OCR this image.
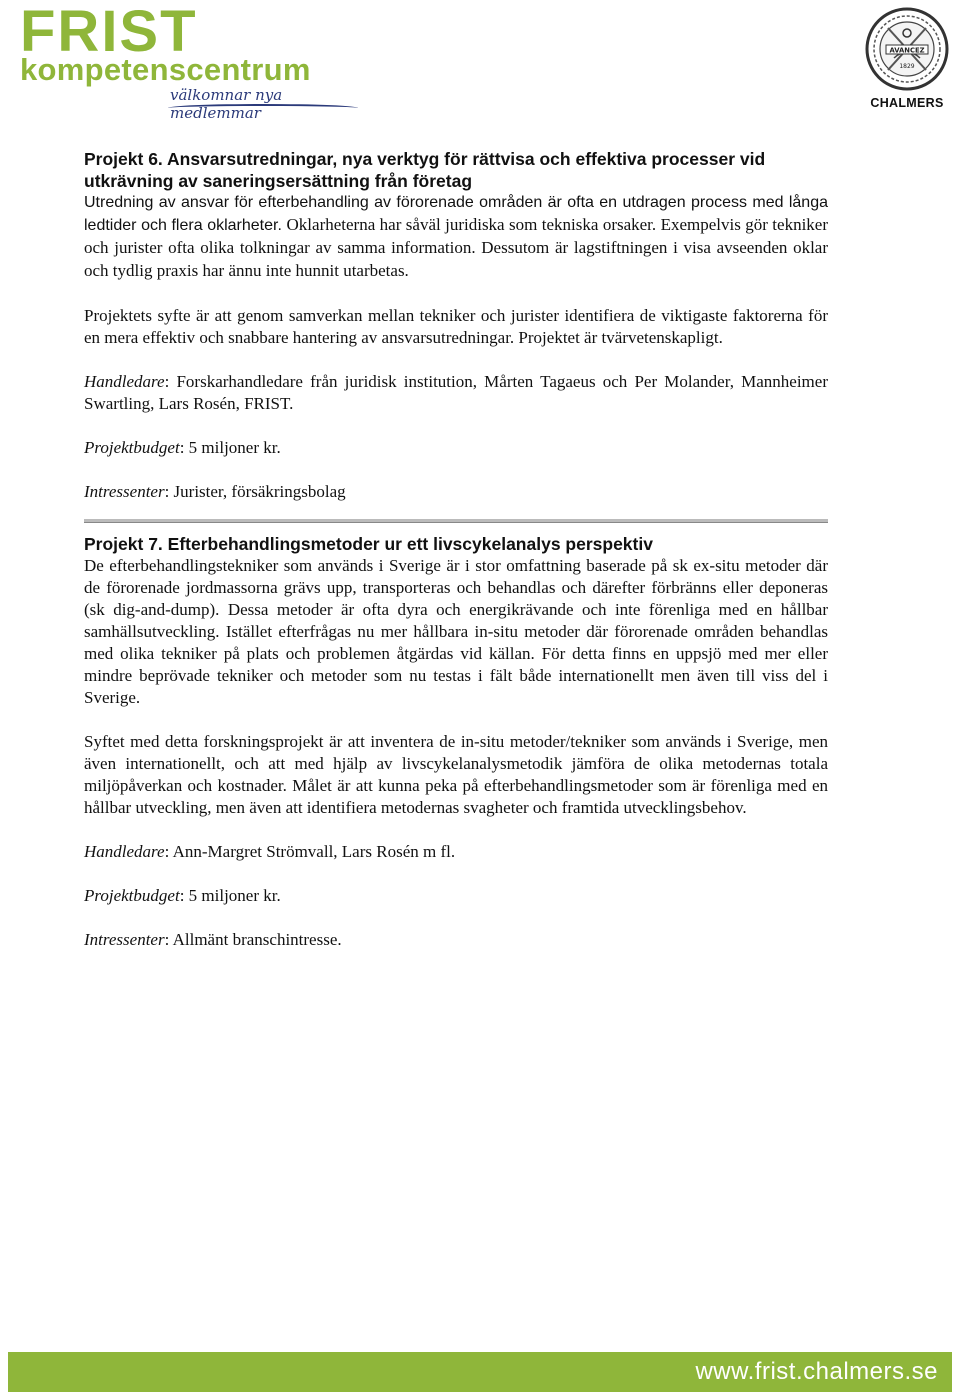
FRIST
kompetenscentrum
välkomnar nya medlemmar
AVANCEZ
1829
CHALMERS
Projekt 6. Ansvarsutredningar, nya verktyg för rättvisa och effektiva processer vid utkrävning av saneringsersättning från företag
Utredning av ansvar för efterbehandling av förorenade områden är ofta en utdragen process med långa ledtider och flera oklarheter. Oklarheterna har såväl juridiska som tekniska orsaker. Exempelvis gör tekniker och jurister ofta olika tolkningar av samma information. Dessutom är lagstiftningen i visa avseenden oklar och tydlig praxis har ännu inte hunnit utarbetas.

Projektets syfte är att genom samverkan mellan tekniker och jurister identifiera de viktigaste faktorerna för en mera effektiv och snabbare hantering av ansvarsutredningar. Projektet är tvärvetenskapligt.

Handledare: Forskarhandledare från juridisk institution, Mårten Tagaeus och Per Molander, Mannheimer Swartling, Lars Rosén, FRIST.

Projektbudget: 5 miljoner kr.

Intressenter: Jurister, försäkringsbolag

Projekt 7. Efterbehandlingsmetoder ur ett livscykelanalys perspektiv

De efterbehandlingstekniker som används i Sverige är i stor omfattning baserade på sk ex-situ metoder där de förorenade jordmassorna grävs upp, transporteras och behandlas och därefter förbränns eller deponeras (sk dig-and-dump). Dessa metoder är ofta dyra och energikrävande och inte förenliga med en hållbar samhällsutveckling. Istället efterfrågas nu mer hållbara in-situ metoder där förorenade områden behandlas med olika tekniker på plats och problemen åtgärdas vid källan. För detta finns en uppsjö med mer eller mindre beprövade tekniker och metoder som nu testas i fält både internationellt men även till viss del i Sverige.

Syftet med detta forskningsprojekt är att inventera de in-situ metoder/tekniker som används i Sverige, men även internationellt, och att med hjälp av livscykelanalysmetodik jämföra de olika metodernas totala miljöpåverkan och kostnader. Målet är att kunna peka på efterbehandlingsmetoder som är förenliga med en hållbar utveckling, men även att identifiera metodernas svagheter och framtida utvecklingsbehov.

Handledare: Ann-Margret Strömvall, Lars Rosén m fl.

Projektbudget: 5 miljoner kr.

Intressenter: Allmänt branschintresse.

www.frist.chalmers.se
